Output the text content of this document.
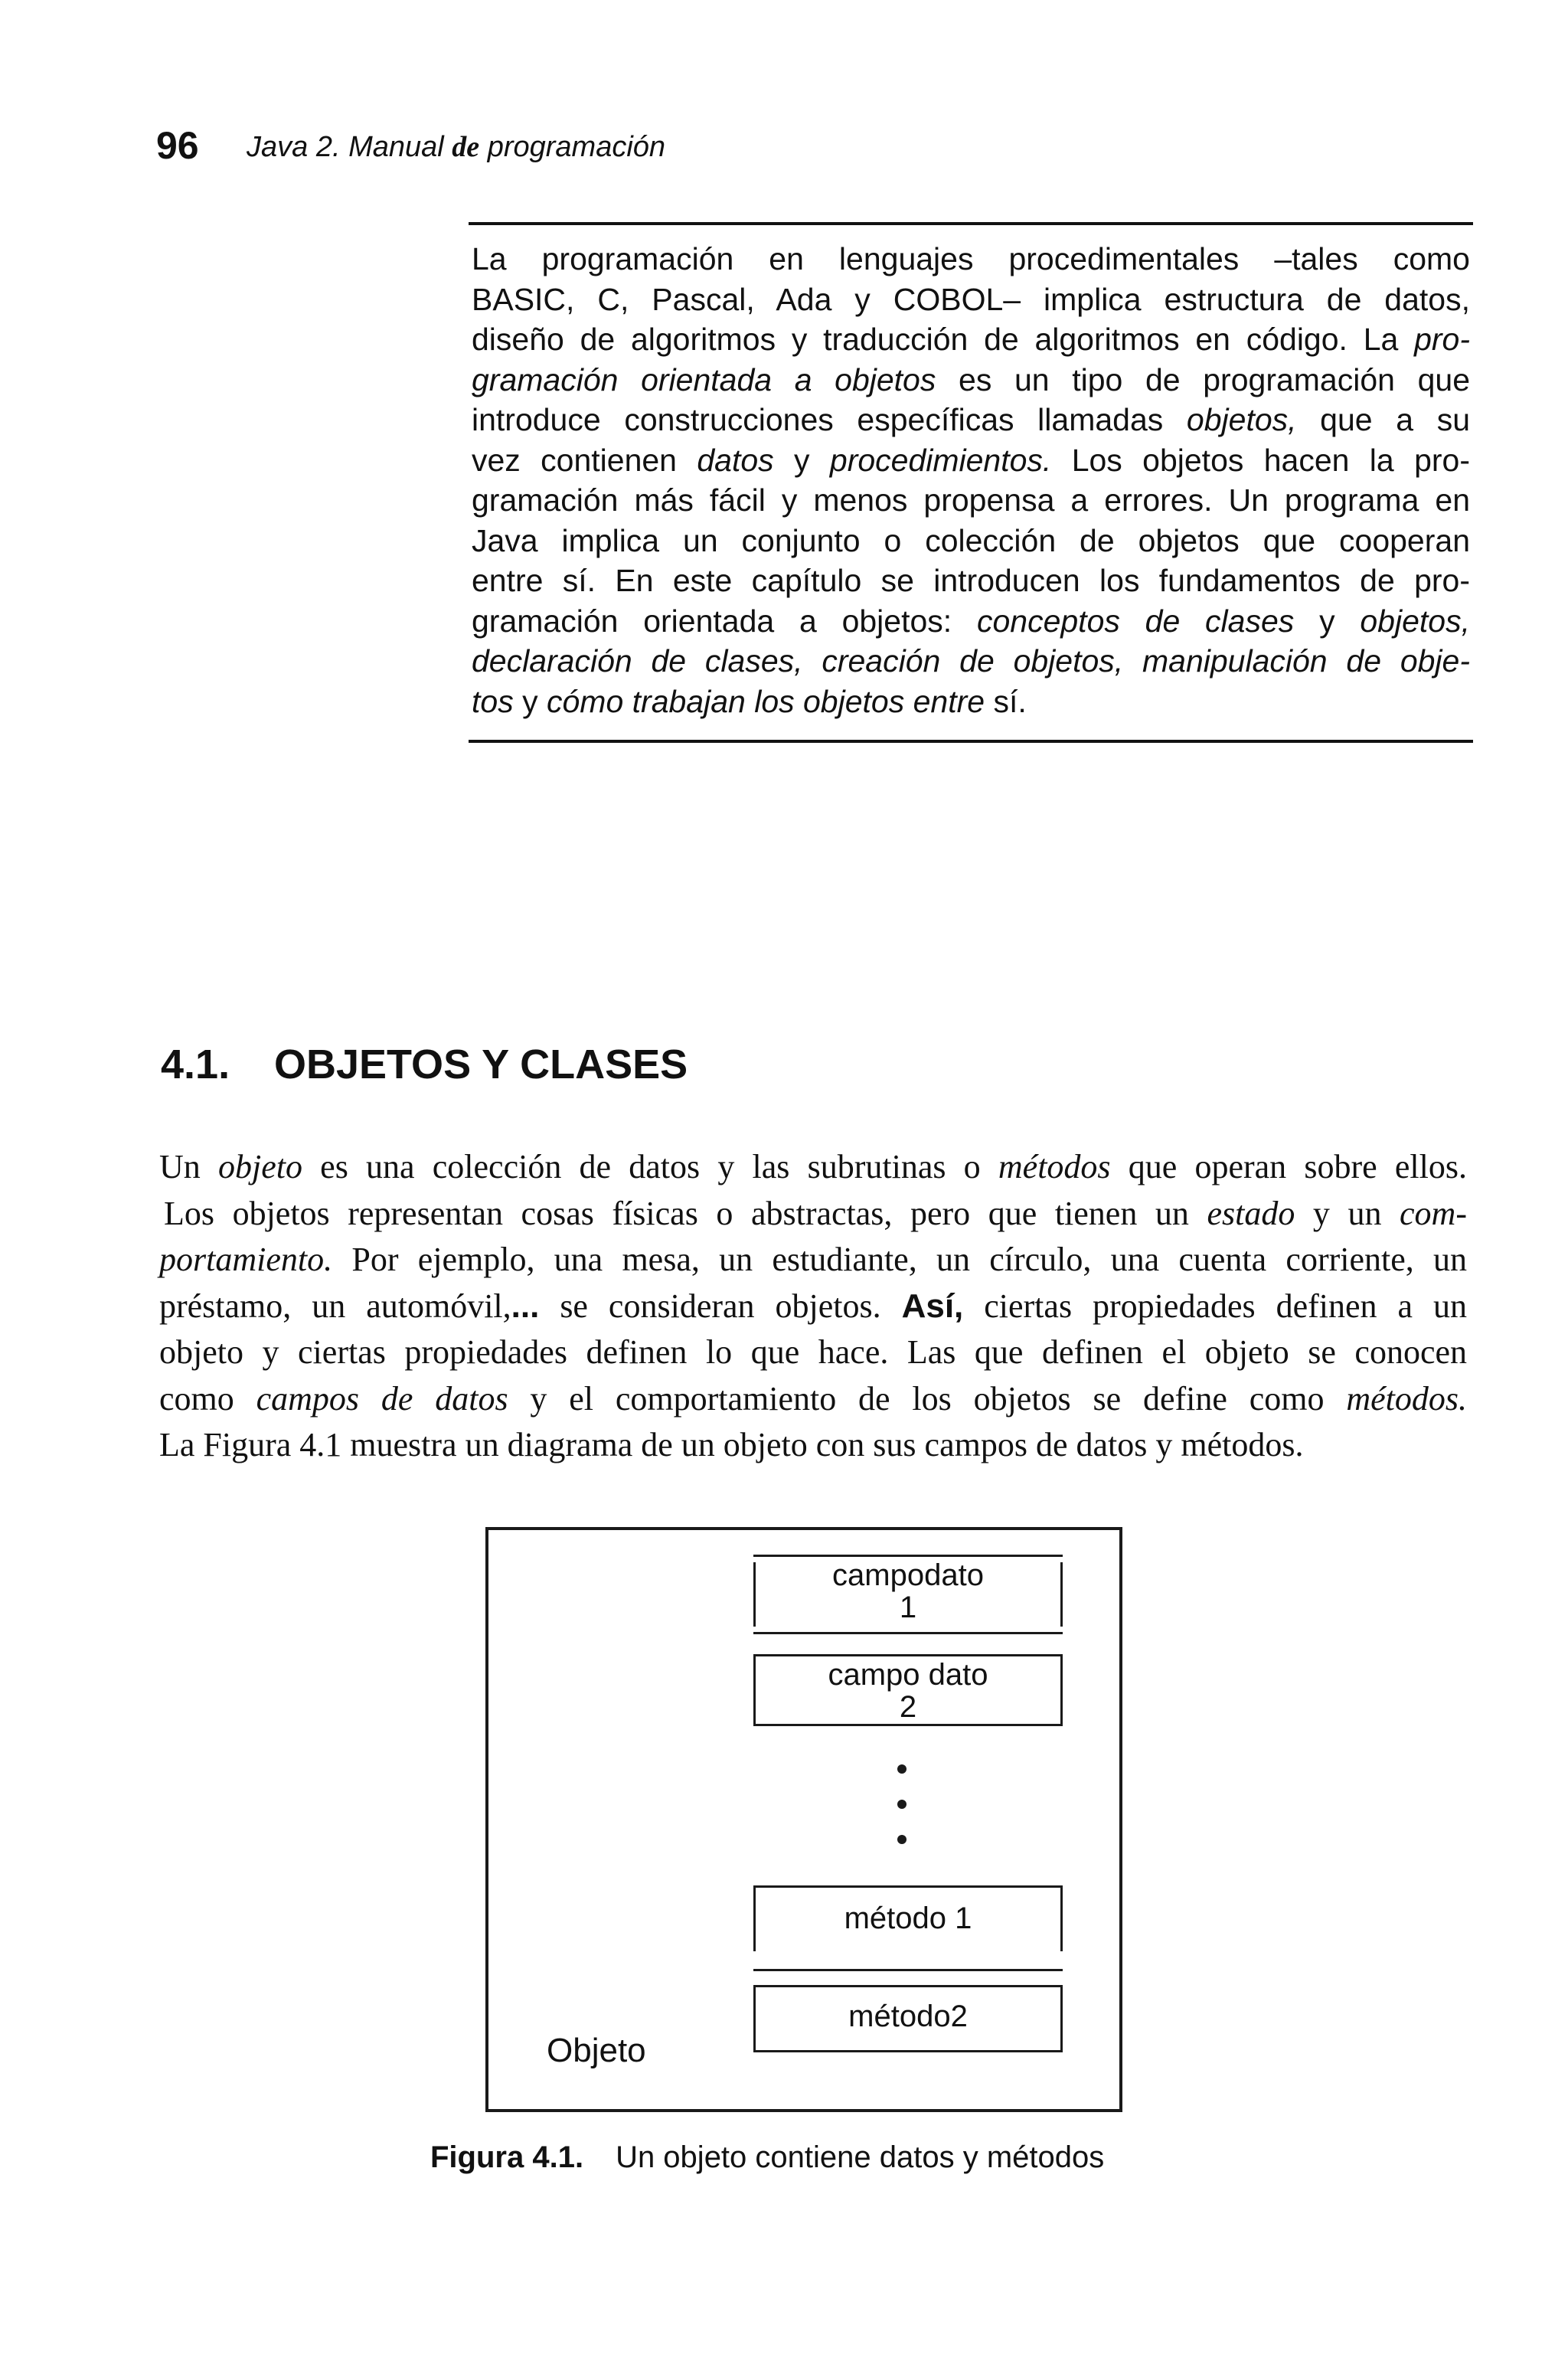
96 Java 2. Manual de programación
La programación en lenguajes procedimentales –tales como
BASIC, C, Pascal, Ada y COBOL– implica estructura de datos,
diseño de algoritmos y traducción de algoritmos en código. La pro-
gramación orientada a objetos es un tipo de programación que
introduce construcciones específicas llamadas objetos, que a su
vez contienen datos y procedimientos. Los objetos hacen la pro-
gramación más fácil y menos propensa a errores. Un programa en
Java implica un conjunto o colección de objetos que cooperan
entre sí. En este capítulo se introducen los fundamentos de pro-
gramación orientada a objetos: conceptos de clases y objetos,
declaración de clases, creación de objetos, manipulación de obje-
tos y cómo trabajan los objetos entre sí.
4.1. OBJETOS Y CLASES
Un objeto es una colección de datos y las subrutinas o métodos que operan sobre ellos.
Los objetos representan cosas físicas o abstractas, pero que tienen un estado y un com-
portamiento. Por ejemplo, una mesa, un estudiante, un círculo, una cuenta corriente, un
préstamo, un automóvil,... se consideran objetos. Así, ciertas propiedades definen a un
objeto y ciertas propiedades definen lo que hace. Las que definen el objeto se conocen
como campos de datos y el comportamiento de los objetos se define como métodos.
La Figura 4.1 muestra un diagrama de un objeto con sus campos de datos y métodos.
campodato
1
campo dato
2
método 1
método2
Objeto
Figura 4.1. Un objeto contiene datos y métodos
